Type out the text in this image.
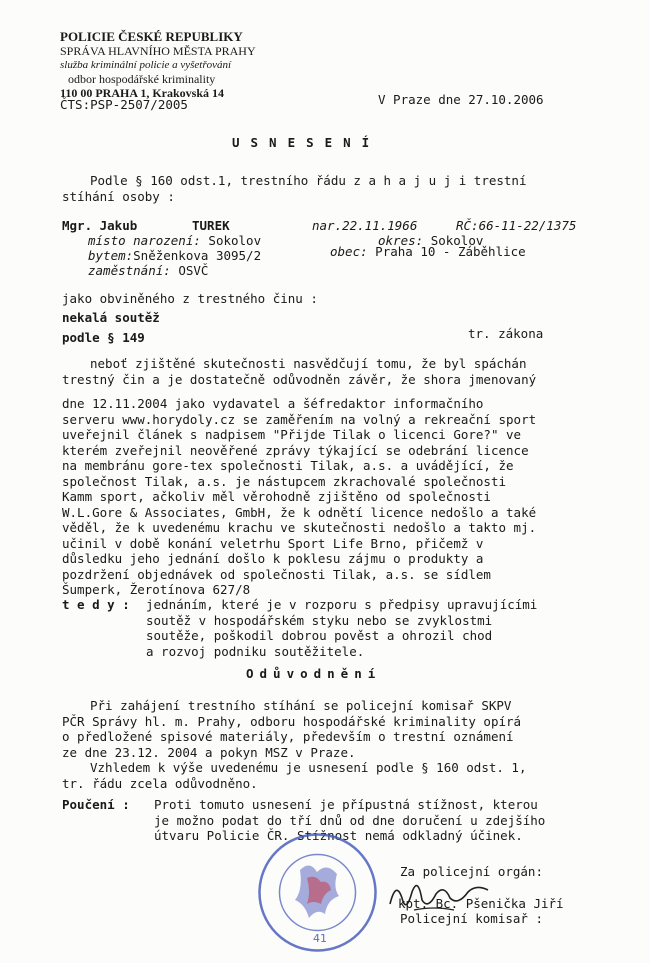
POLICIE ČESKÉ REPUBLIKY
SPRÁVA HLAVNÍHO MĚSTA PRAHY
služba kriminální policie a vyšetřování
odbor hospodářské kriminality
110 00 PRAHA 1, Krakovská 14
ČTS:PSP-2507/2005	V Praze dne 27.10.2006
USNESENÍ
Podle § 160 odst.1, trestního řádu z a h a j u j i trestní
stíhání osoby :
Mgr. Jakub	TUREK	nar.22.11.1966	RČ:66-11-22/1375
místo narození: Sokolov	okres: Sokolov
bytem:Sněženkova 3095/2	obec: Praha 10 - Záběhlice
zaměstnání: OSVČ
jako obviněného z trestného činu :
nekalá soutěž
podle § 149	tr. zákona
neboť zjištěné skutečnosti nasvědčují tomu, že byl spáchán
trestný čin a je dostatečně odůvodněn závěr, že shora jmenovaný
dne 12.11.2004 jako vydavatel a šéfredaktor informačního
serveru www.horydoly.cz se zaměřením na volný a rekreační sport
uveřejnil článek s nadpisem "Přijde Tilak o licenci Gore?" ve
kterém zveřejnil neověřené zprávy týkající se odebrání licence
na membránu gore-tex společnosti Tilak, a.s. a uvádějící, že
společnost Tilak, a.s. je nástupcem zkrachovalé společnosti
Kamm sport, ačkoliv měl věrohodně zjištěno od společnosti
W.L.Gore & Associates, GmbH, že k odnětí licence nedošlo a také
věděl, že k uvedenému krachu ve skutečnosti nedošlo a takto mj.
učinil v době konání veletrhu Sport Life Brno, přičemž v
důsledku jeho jednání došlo k poklesu zájmu o produkty a
pozdržení objednávek od společnosti Tilak, a.s. se sídlem
Šumperk, Žerotínova 627/8
t e d y : jednáním, které je v rozporu s předpisy upravujícími
soutěž v hospodářském styku nebo se zvyklostmi
soutěže, poškodil dobrou pověst a ohrozil chod
a rozvoj podniku soutěžitele.
Odůvodnění
Při zahájení trestního stíhání se policejní komisař SKPV
PČR Správy hl. m. Prahy, odboru hospodářské kriminality opírá
o předložené spisové materiály, především o trestní oznámení
ze dne 23.12. 2004 a pokyn MSZ v Praze.
Vzhledem k výše uvedenému je usnesení podle § 160 odst. 1,
tr. řádu zcela odůvodněno.
Poučení : Proti tomuto usnesení je přípustná stížnost, kterou
je možno podat do tří dnů od dne doručení u zdejšího
útvaru Policie ČR. Stížnost nemá odkladný účinek.
41
Za policejní orgán:
kpt. Bc. Pšenička Jiří
Policejní komisař :
